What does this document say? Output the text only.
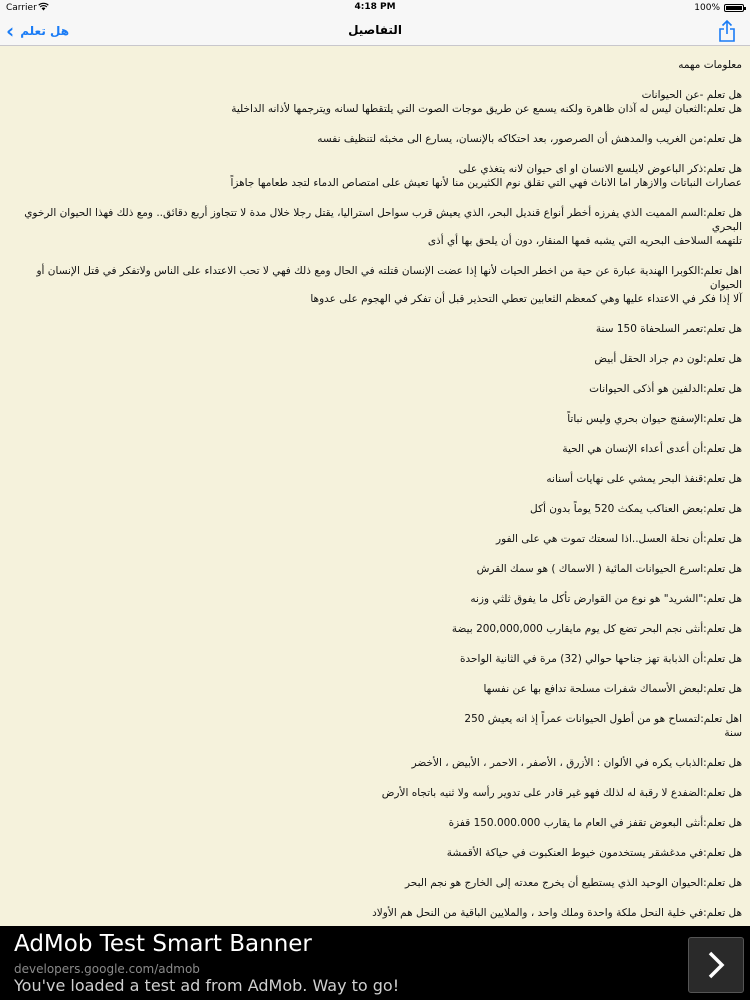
Carrier	4:18 PM	100%
‹ هل تعلم	التفاصيل
معلومات مهمه
هل تعلم -عن الحيوانات
هل تعلم:الثعبان ليس له آذان ظاهرة ولكنه يسمع عن طريق موجات الصوت التي يلتقطها لسانه ويترجمها لأذانه الداخلية
هل تعلم:من الغريب والمدهش أن الصرصور، بعد احتكاكه بالإنسان، يسارع الى مخبئه لتنظيف نفسه
هل تعلم:ذكر الباعوض لايلسع الانسان او اى حيوان لانه يتغذي على
عصارات النباتات والازهار اما الاناث فهي التي تقلق نوم الكثيرين منا لأنها تعيش على امتصاص الدماء لتجد طعامها جاهزاً
هل تعلم:السم المميت الذي يفرزه أخطر أنواع قنديل البحر، الذي يعيش قرب سواحل استراليا، يقتل رجلا خلال مدة لا تتجاوز أربع دقائق.. ومع ذلك فهذا الحيوان الرخوي البحري
تلتهمه السلاحف البحريه التي يشبه فمها المنقار، دون أن يلحق بها أي أذى
اهل تعلم:الكوبرا الهندية عبارة عن حية من اخطر الحيات لأنها إذا عضت الإنسان قتلته في الحال ومع ذلك فهي لا تحب الاعتداء على الناس ولاتفكر في قتل الإنسان أو الحيوان
آلا إذا فكر في الاعتداء عليها وهي كمعظم الثعابين تعطي التحذير قبل أن تفكر في الهجوم على عدوها
هل تعلم:تعمر السلحفاة 150 سنة
هل تعلم:لون دم جراد الحقل أبيض
هل تعلم:الدلفين هو أذكى الحيوانات
هل تعلم:الإسفنج حيوان بحري وليس نباتاً
هل تعلم:أن أعدى أعداء الإنسان هي الحية
هل تعلم:قنفذ البحر يمشي على نهايات أسنانه
هل تعلم:بعض العناكب يمكث 520 يوماً بدون أكل
هل تعلم:أن نحلة العسل..اذا لسعتك تموت هي على الفور
هل تعلم:اسرع الحيوانات المائية ( الاسماك ) هو سمك القرش
هل تعلم:"الشريد" هو نوع من القوارض تأكل ما يفوق ثلثي وزنه
هل تعلم:أنثى نجم البحر تضع كل يوم مايقارب 200,000,000 بيضة
هل تعلم:أن الذبابة تهز جناحها حوالي (32) مرة في الثانية الواحدة
هل تعلم:لبعض الأسماك شفرات مسلحة تدافع بها عن نفسها
اهل تعلم:لتمساح هو من أطول الحيوانات عمراً إذ انه يعيش 250
سنة
هل تعلم:الذباب يكره في الألوان : الأزرق ، الأصفر ، الاحمر ، الأبيض ، الأخضر
هل تعلم:الضفدع لا رقبة له لذلك فهو غير قادر على تدوير رأسه ولا ثنيه باتجاه الأرض
هل تعلم:أنثى البعوض تقفز في العام ما يقارب 150.000.000 قفزة
هل تعلم:في مدغشقر يستخدمون خيوط العنكبوت في حياكة الأقمشة
هل تعلم:الحيوان الوحيد الذي يستطيع أن يخرج معدته إلى الخارج هو نجم البحر
هل تعلم:في خلية النحل ملكة واحدة وملك واحد ، والملايين الباقية من النحل هم الأولاد
AdMob Test Smart Banner
developers.google.com/admob
You've loaded a test ad from AdMob. Way to go!
